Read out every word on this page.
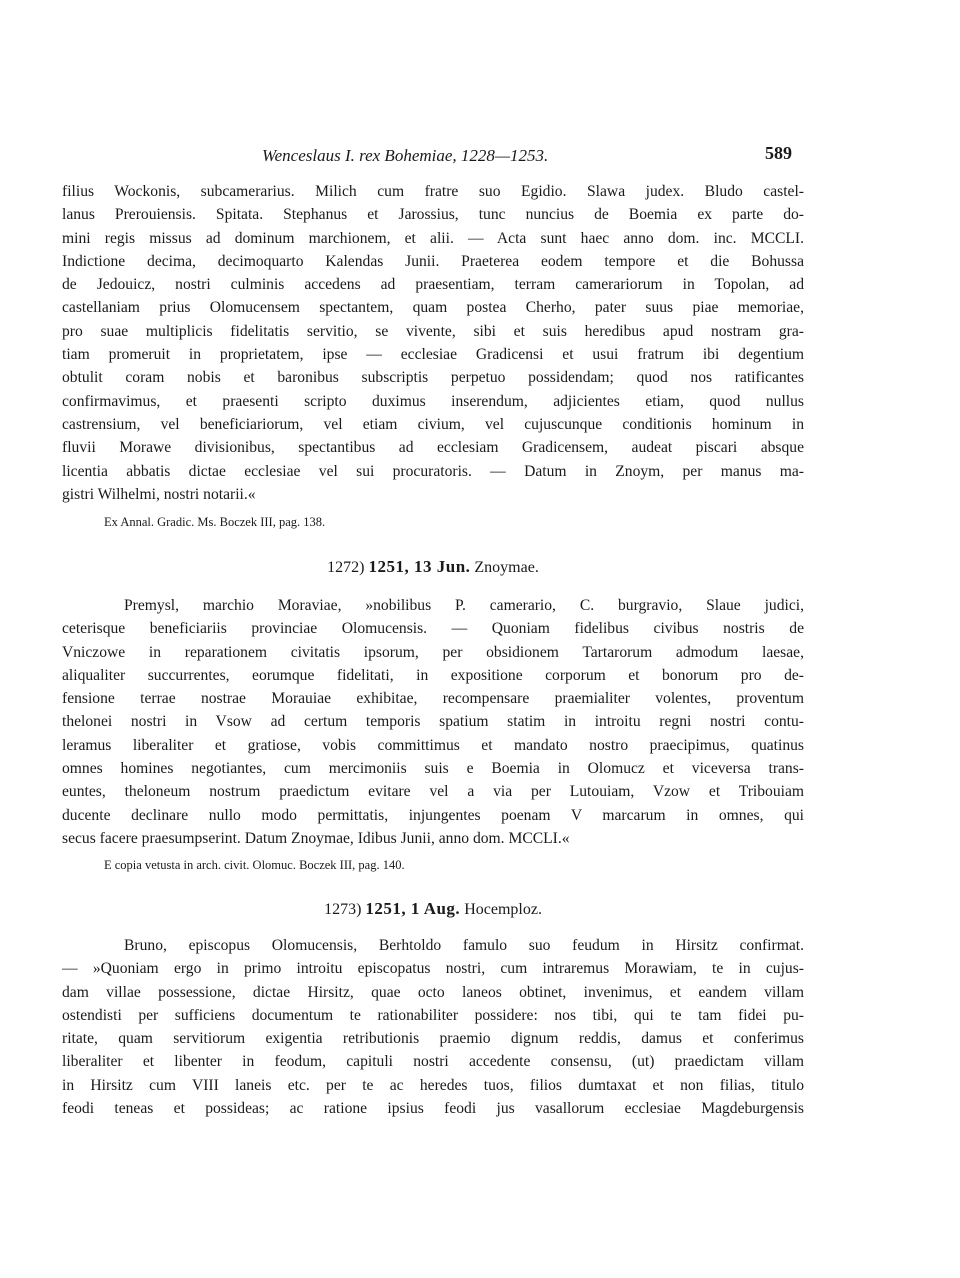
Wenceslaus I. rex Bohemiae, 1228—1253.	589
filius Wockonis, subcamerarius. Milich cum fratre suo Egidio. Slawa judex. Bludo castel-
lanus Prerouiensis. Spitata. Stephanus et Jarossius, tunc nuncius de Boemia ex parte do-
mini regis missus ad dominum marchionem, et alii. — Acta sunt haec anno dom. inc. MCCLI.
Indictione decima, decimoquarto Kalendas Junii. Praeterea eodem tempore et die Bohussa
de Jedouicz, nostri culminis accedens ad praesentiam, terram camerariorum in Topolan, ad
castellaniam prius Olomucensem spectantem, quam postea Cherho, pater suus piae memoriae,
pro suae multiplicis fidelitatis servitio, se vivente, sibi et suis heredibus apud nostram gra-
tiam promeruit in proprietatem, ipse — ecclesiae Gradicensi et usui fratrum ibi degentium
obtulit coram nobis et baronibus subscriptis perpetuo possidendam; quod nos ratificantes
confirmavimus, et praesenti scripto duximus inserendum, adjicientes etiam, quod nullus
castrensium, vel beneficiariorum, vel etiam civium, vel cujuscunque conditionis hominum in
fluvii Morawe divisionibus, spectantibus ad ecclesiam Gradicensem, audeat piscari absque
licentia abbatis dictae ecclesiae vel sui procuratoris. — Datum in Znoym, per manus ma-
gistri Wilhelmi, nostri notarii.«
Ex Annal. Gradic. Ms. Boczek III, pag. 138.
1272) 1251, 13 Jun. Znoymae.
Premysl, marchio Moraviae, »nobilibus P. camerario, C. burgravio, Slaue judici,
ceterisque beneficiariis provinciae Olomucensis. — Quoniam fidelibus civibus nostris de
Vniczowe in reparationem civitatis ipsorum, per obsidionem Tartarorum admodum laesae,
aliqualiter succurrentes, eorumque fidelitati, in expositione corporum et bonorum pro de-
fensione terrae nostrae Morauiae exhibitae, recompensare praemialiter volentes, proventum
thelonei nostri in Vsow ad certum temporis spatium statim in introitu regni nostri contu-
leramus liberaliter et gratiose, vobis committimus et mandato nostro praecipimus, quatinus
omnes homines negotiantes, cum mercimoniis suis e Boemia in Olomucz et viceversa trans-
euntes, theloneum nostrum praedictum evitare vel a via per Lutouiam, Vzow et Tribouiam
ducente declinare nullo modo permittatis, injungentes poenam V marcarum in omnes, qui
secus facere praesumpserint. Datum Znoymae, Idibus Junii, anno dom. MCCLI.«
E copia vetusta in arch. civit. Olomuc. Boczek III, pag. 140.
1273) 1251, 1 Aug. Hocemploz.
Bruno, episcopus Olomucensis, Berhtoldo famulo suo feudum in Hirsitz confirmat.
— »Quoniam ergo in primo introitu episcopatus nostri, cum intraremus Morawiam, te in cujus-
dam villae possessione, dictae Hirsitz, quae octo laneos obtinet, invenimus, et eandem villam
ostendisti per sufficiens documentum te rationabiliter possidere: nos tibi, qui te tam fidei pu-
ritate, quam servitiorum exigentia retributionis praemio dignum reddis, damus et conferimus
liberaliter et libenter in feodum, capituli nostri accedente consensu, (ut) praedictam villam
in Hirsitz cum VIII laneis etc. per te ac heredes tuos, filios dumtaxat et non filias, titulo
feodi teneas et possideas; ac ratione ipsius feodi jus vasallorum ecclesiae Magdeburgensis
